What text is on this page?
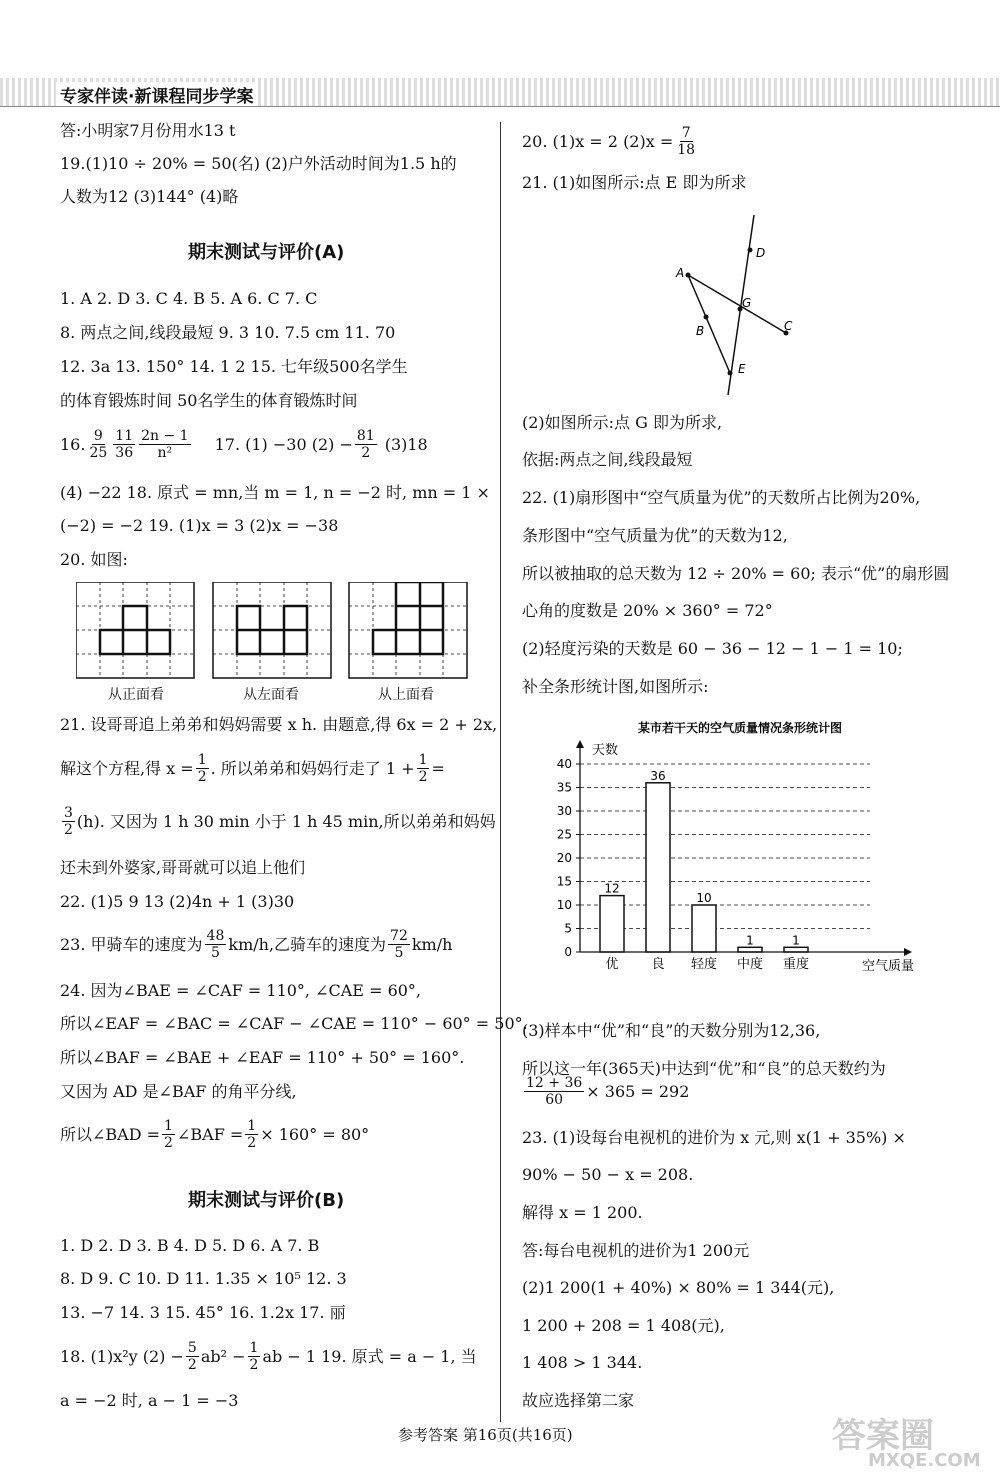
专家伴读·新课程同步学案
答:小明家7月份用水13 t
19.(1)10 ÷ 20% = 50(名) (2)户外活动时间为1.5 h的
人数为12 (3)144° (4)略
期末测试与评价(A)
1. A 2. D 3. C 4. B 5. A 6. C 7. C
8. 两点之间,线段最短 9. 3 10. 7.5 cm 11. 70
12. 3a 13. 150° 14. 1 2 15. 七年级500名学生
的体育锻炼时间 50名学生的体育锻炼时间
16. $\frac{9}{25} \frac{11}{36} \frac{2n - 1}{\text{n²}} 17$. (1) −30 $(2) - \frac{81}{2} (3)18$
(4) −22 18. 原式 = mn,当 m = 1, n = −2 时, mn = 1 ×
(−2) = −2 19. (1)x = 3 (2)x = −38
20. 如图:
从正面看	从左面看	从上面看
21. 设哥哥追上弟弟和妈妈需要 x h. 由题意,得 6x = 2 + 2x,
解这个方程,得 $x = \frac{1}{2}$ . 所以弟弟和妈妈行走了 $1 + \frac{1}{2}$ =
$\frac{3}{2} (h)$. 又因为 1 h 30 min 小于 1 h 45 min,所以弟弟和妈妈
还未到外婆家,哥哥就可以追上他们
22. (1)5 9 13 (2)4n + 1 (3)30
23. 甲骑车的速度为 $\frac{48}{5} km/h$,乙骑车的速度为 $\frac{72}{5} km/h$
24. 因为∠BAE = ∠CAF = 110°, ∠CAE = 60°,
所以∠EAF = ∠BAC = ∠CAF − ∠CAE = 110° − 60° = 50°.
所以∠BAF = ∠BAE + ∠EAF = 110° + 50° = 160°.
又因为 AD 是∠BAF 的角平分线,
所以∠BAD = $\frac{1}{2}$ ∠BAF = $\frac{1}{2} \times 160^\circ = 80^\circ$
期末测试与评价(B)
1. D 2. D 3. B 4. D 5. D 6. A 7. B
8. D 9. C 10. D 11. 1.35 × 10⁵ 12. 3
13. −7 14. 3 15. 45° 16. 1.2x 17. 丽
18. (1)x²y $(2) - \frac{5}{2} ab^2 - \frac{1}{2}$ ab − 1 19. 原式 = a − 1, 当
a = −2 时, a − 1 = −3
20. (1)x = 2 $(2)x = \frac{7}{18}$
21. (1)如图所示:点 E 即为所求
A
B	C
D
E
G
(2)如图所示:点 G 即为所求,
依据:两点之间,线段最短
22. (1)扇形图中“空气质量为优”的天数所占比例为20%,
条形图中“空气质量为优”的天数为12,
所以被抽取的总天数为 12 ÷ 20% = 60; 表示“优”的扇形圆
心角的度数是 20% × 360° = 72°
(2)轻度污染的天数是 60 − 36 − 12 − 1 − 1 = 10;
补全条形统计图,如图所示:
某市若干天的空气质量情况条形统计图
天数
空气质量
12
36
10
1	1
0
5
10
15
20
25
30
35
40
优	良 轻度 中度 重度
(3)样本中“优”和“良”的天数分别为12,36,
所以这一年(365天)中达到“优”和“良”的总天数约为
$\frac{12 + 36}{60} \times 365 = 292$
23. (1)设每台电视机的进价为 x 元,则 x(1 + 35%) ×
90% − 50 − x = 208.
解得 x = 1 200.
答:每台电视机的进价为1 200元
(2)1 200(1 + 40%) × 80% = 1 344(元),
1 200 + 208 = 1 408(元),
1 408 > 1 344.
故应选择第二家
参考答案 第16页(共16页)	答案圈
MXQE.COM
